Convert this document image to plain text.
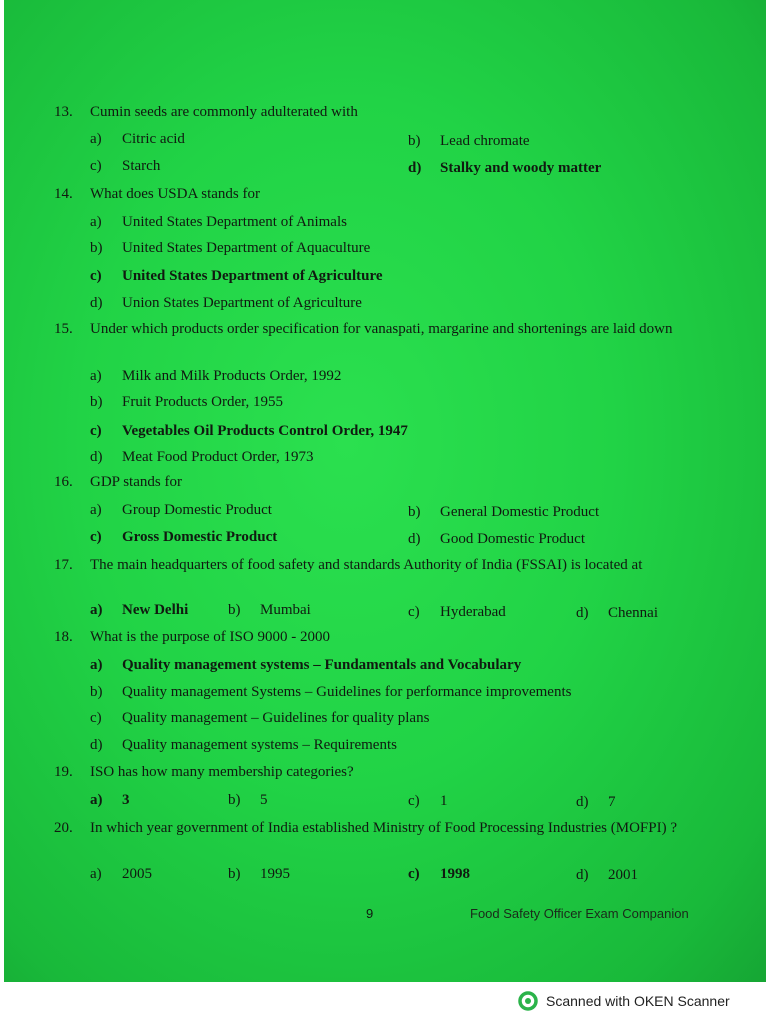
13. Cumin seeds are commonly adulterated with
a) Citric acid	b) Lead chromate
c) Starch	d) Stalky and woody matter
14. What does USDA stands for
a) United States Department of Animals
b) United States Department of Aquaculture
c) United States Department of Agriculture
d) Union States Department of Agriculture
15. Under which products order specification for vanaspati, margarine and shortenings are laid down
a) Milk and Milk Products Order, 1992
b) Fruit Products Order, 1955
c) Vegetables Oil Products Control Order, 1947
d) Meat Food Product Order, 1973
16. GDP stands for
a) Group Domestic Product	b) General Domestic Product
c) Gross Domestic Product	d) Good Domestic Product
17. The main headquarters of food safety and standards Authority of India (FSSAI) is located at
a) New Delhi	b) Mumbai	c) Hyderabad	d) Chennai
18. What is the purpose of ISO 9000 - 2000
a) Quality management systems – Fundamentals and Vocabulary
b) Quality management Systems – Guidelines for performance improvements
c) Quality management – Guidelines for quality plans
d) Quality management systems – Requirements
19. ISO has how many membership categories?
a) 3	b) 5	c) 1	d) 7
20. In which year government of India established Ministry of Food Processing Industries (MOFPI) ?
a) 2005	b) 1995	c) 1998	d) 2001
9	Food Safety Officer Exam Companion
Scanned with OKEN Scanner
